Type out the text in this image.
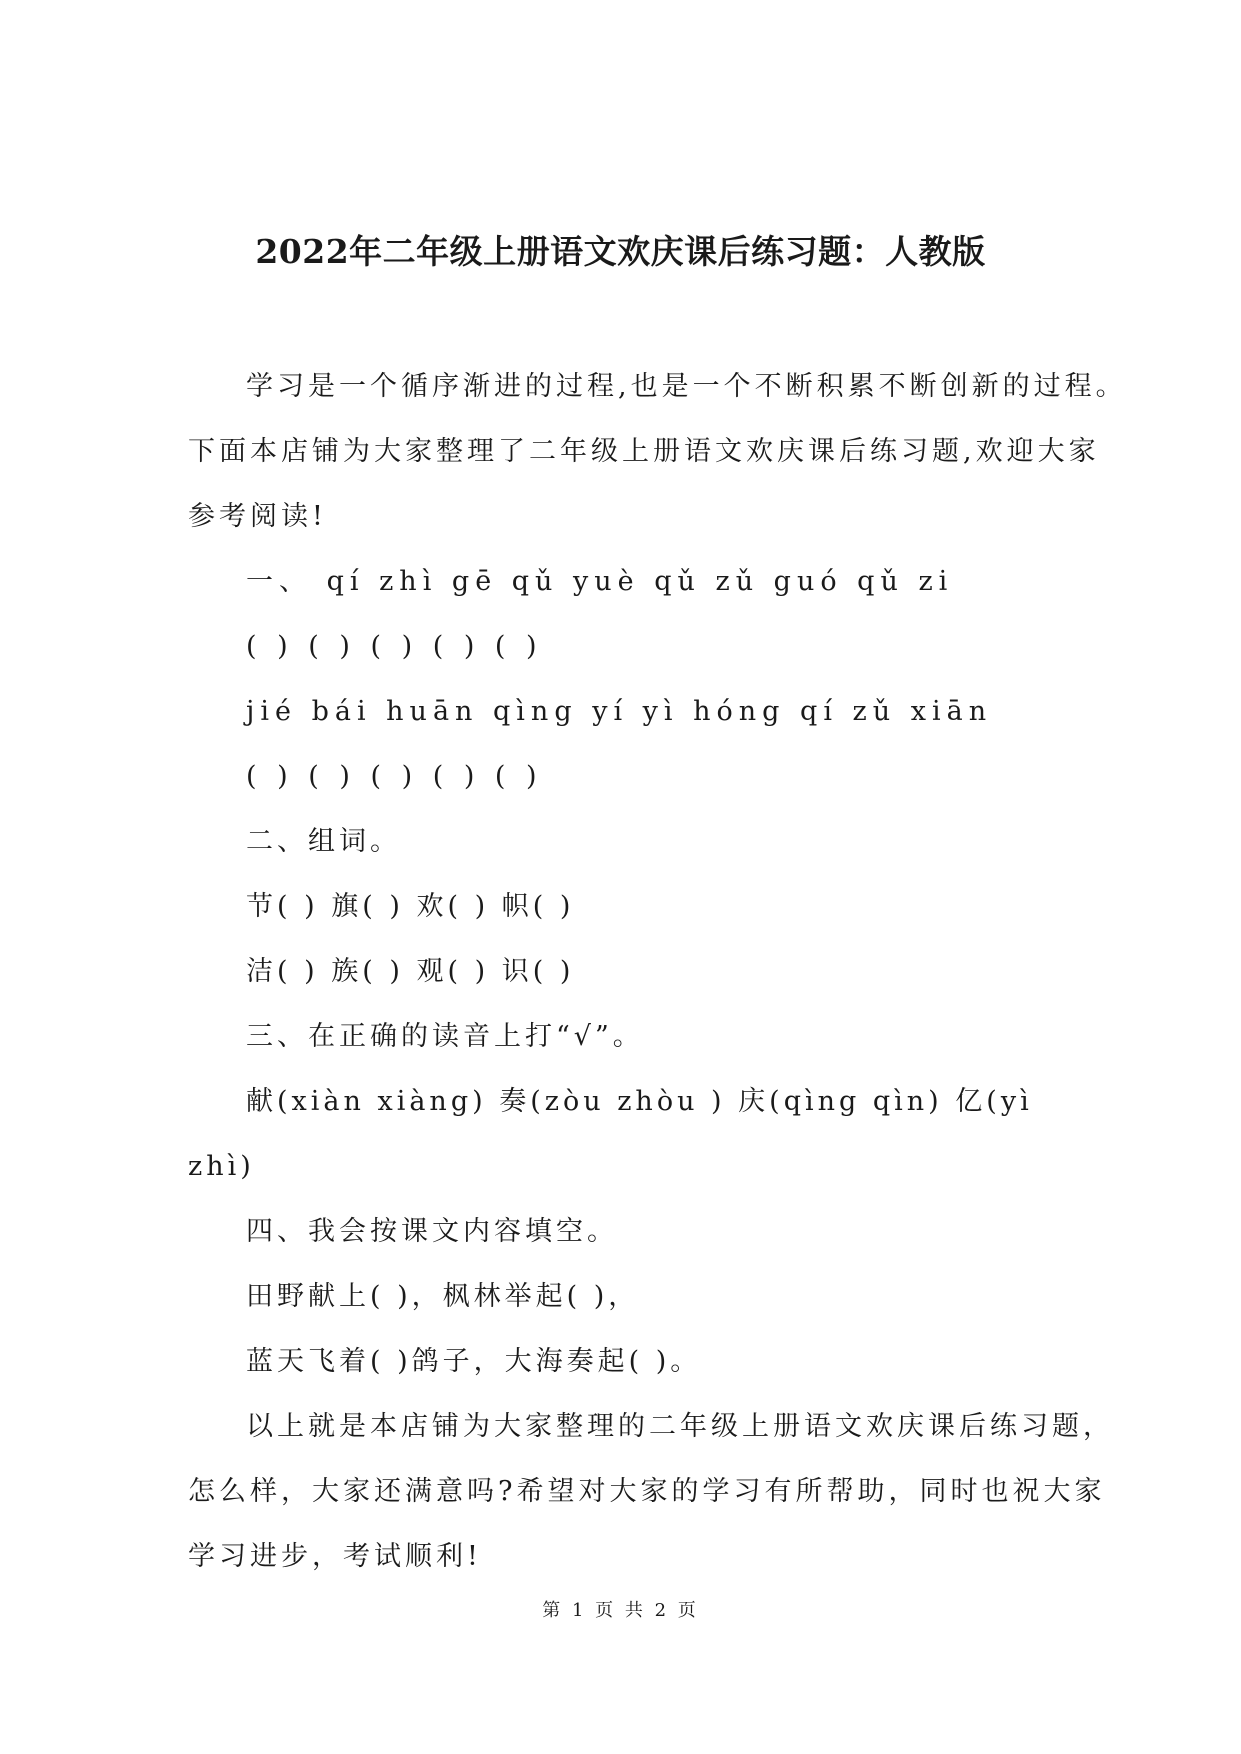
2022年二年级上册语文欢庆课后练习题：人教版
学习是一个循序渐进的过程,也是一个不断积累不断创新的过程。
下面本店铺为大家整理了二年级上册语文欢庆课后练习题,欢迎大家
参考阅读!
一、 qí zhì gē qǔ yuè qǔ zǔ guó qǔ zi
( ) ( ) ( ) ( ) ( )
jié bái huān qìng yí yì hóng qí zǔ xiān
( ) ( ) ( ) ( ) ( )
二、组词。
节( ) 旗( ) 欢( ) 帜( )
洁( ) 族( ) 观( ) 识( )
三、在正确的读音上打“√”。
献(xiàn xiàng) 奏(zòu zhòu ) 庆(qìng qìn) 亿(yì
zhì)
四、我会按课文内容填空。
田野献上( )，枫林举起( )，
蓝天飞着( )鸽子，大海奏起( )。
以上就是本店铺为大家整理的二年级上册语文欢庆课后练习题，
怎么样，大家还满意吗?希望对大家的学习有所帮助，同时也祝大家
学习进步，考试顺利!
第 1 页 共 2 页
